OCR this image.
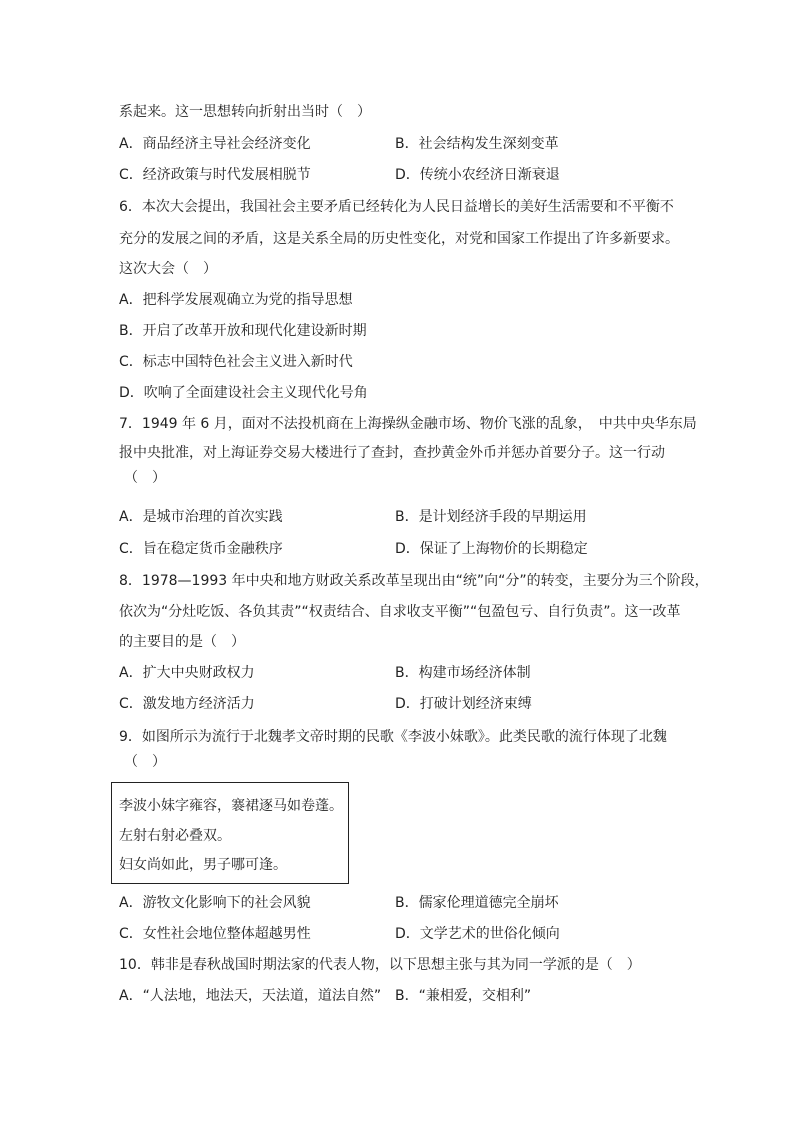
系起来。这一思想转向折射出当时（　）
A．商品经济主导社会经济变化	B．社会结构发生深刻变革
C．经济政策与时代发展相脱节	D．传统小农经济日渐衰退
6．本次大会提出，我国社会主要矛盾已经转化为人民日益增长的美好生活需要和不平衡不
充分的发展之间的矛盾，这是关系全局的历史性变化，对党和国家工作提出了许多新要求。
这次大会（　）
A．把科学发展观确立为党的指导思想
B．开启了改革开放和现代化建设新时期
C．标志中国特色社会主义进入新时代
D．吹响了全面建设社会主义现代化号角
7．1949 年 6 月，面对不法投机商在上海操纵金融市场、物价飞涨的乱象，　中共中央华东局
报中央批准，对上海证券交易大楼进行了查封，查抄黄金外币并惩办首要分子。这一行动
（　）
A．是城市治理的首次实践	B．是计划经济手段的早期运用
C．旨在稳定货币金融秩序	D．保证了上海物价的长期稳定
8．1978—1993 年中央和地方财政关系改革呈现出由“统”向“分”的转变，主要分为三个阶段，
依次为“分灶吃饭、各负其责”“权责结合、自求收支平衡”“包盈包亏、自行负责”。这一改革
的主要目的是（　）
A．扩大中央财政权力	B．构建市场经济体制
C．激发地方经济活力	D．打破计划经济束缚
9．如图所示为流行于北魏孝文帝时期的民歌《李波小妹歌》。此类民歌的流行体现了北魏
（　）
李波小妹字雍容，褰裙逐马如卷蓬。
左射右射必叠双。
妇女尚如此，男子哪可逢。
A．游牧文化影响下的社会风貌	B．儒家伦理道德完全崩坏
C．女性社会地位整体超越男性	D．文学艺术的世俗化倾向
10．韩非是春秋战国时期法家的代表人物，以下思想主张与其为同一学派的是（　）
A．“人法地，地法天，天法道，道法自然” B．“兼相爱，交相利”
